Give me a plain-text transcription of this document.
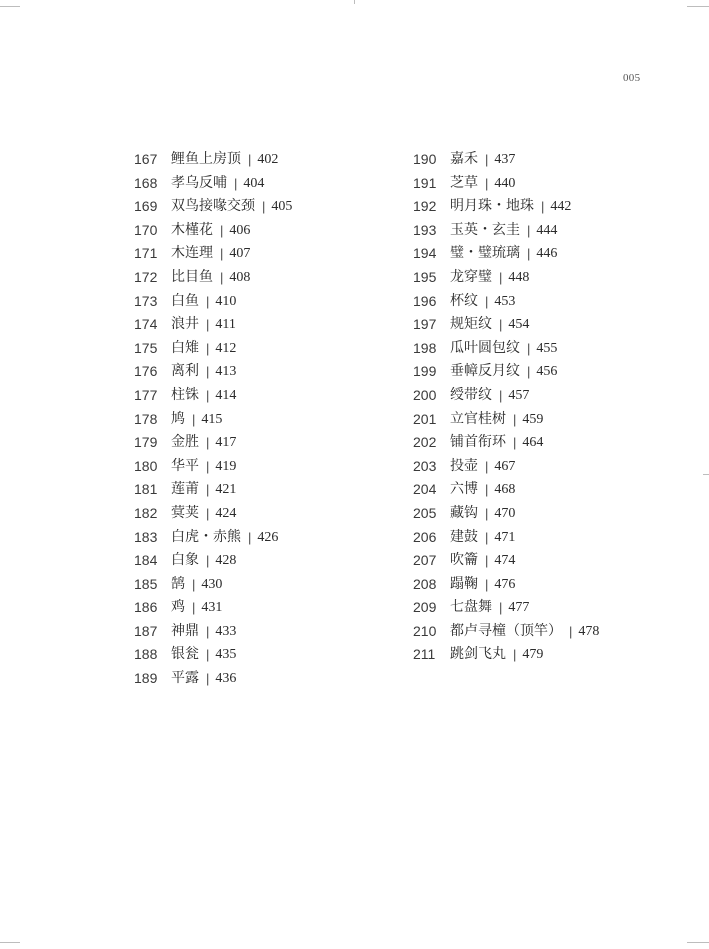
005
167 鲤鱼上房顶 | 402
168 孝乌反哺 | 404
169 双鸟接喙交颈 | 405
170 木槿花 | 406
171 木连理 | 407
172 比目鱼 | 408
173 白鱼 | 410
174 浪井 | 411
175 白雉 | 412
176 离利 | 413
177 柱铢 | 414
178 鸠 | 415
179 金胜 | 417
180 华平 | 419
181 莲莆 | 421
182 蓂荚 | 424
183 白虎・赤熊 | 426
184 白象 | 428
185 鹄 | 430
186 鸡 | 431
187 神鼎 | 433
188 银瓮 | 435
189 平露 | 436
190 嘉禾 | 437
191 芝草 | 440
192 明月珠・地珠 | 442
193 玉英・玄圭 | 444
194 璧・璧琉璃 | 446
195 龙穿璧 | 448
196 杯纹 | 453
197 规矩纹 | 454
198 瓜叶圆包纹 | 455
199 垂幛反月纹 | 456
200 绶带纹 | 457
201 立官桂树 | 459
202 铺首衔环 | 464
203 投壶 | 467
204 六博 | 468
205 藏钩 | 470
206 建鼓 | 471
207 吹籥 | 474
208 蹋鞠 | 476
209 七盘舞 | 477
210 都卢寻橦（顶竿） | 478
211	跳剑飞丸 | 479
